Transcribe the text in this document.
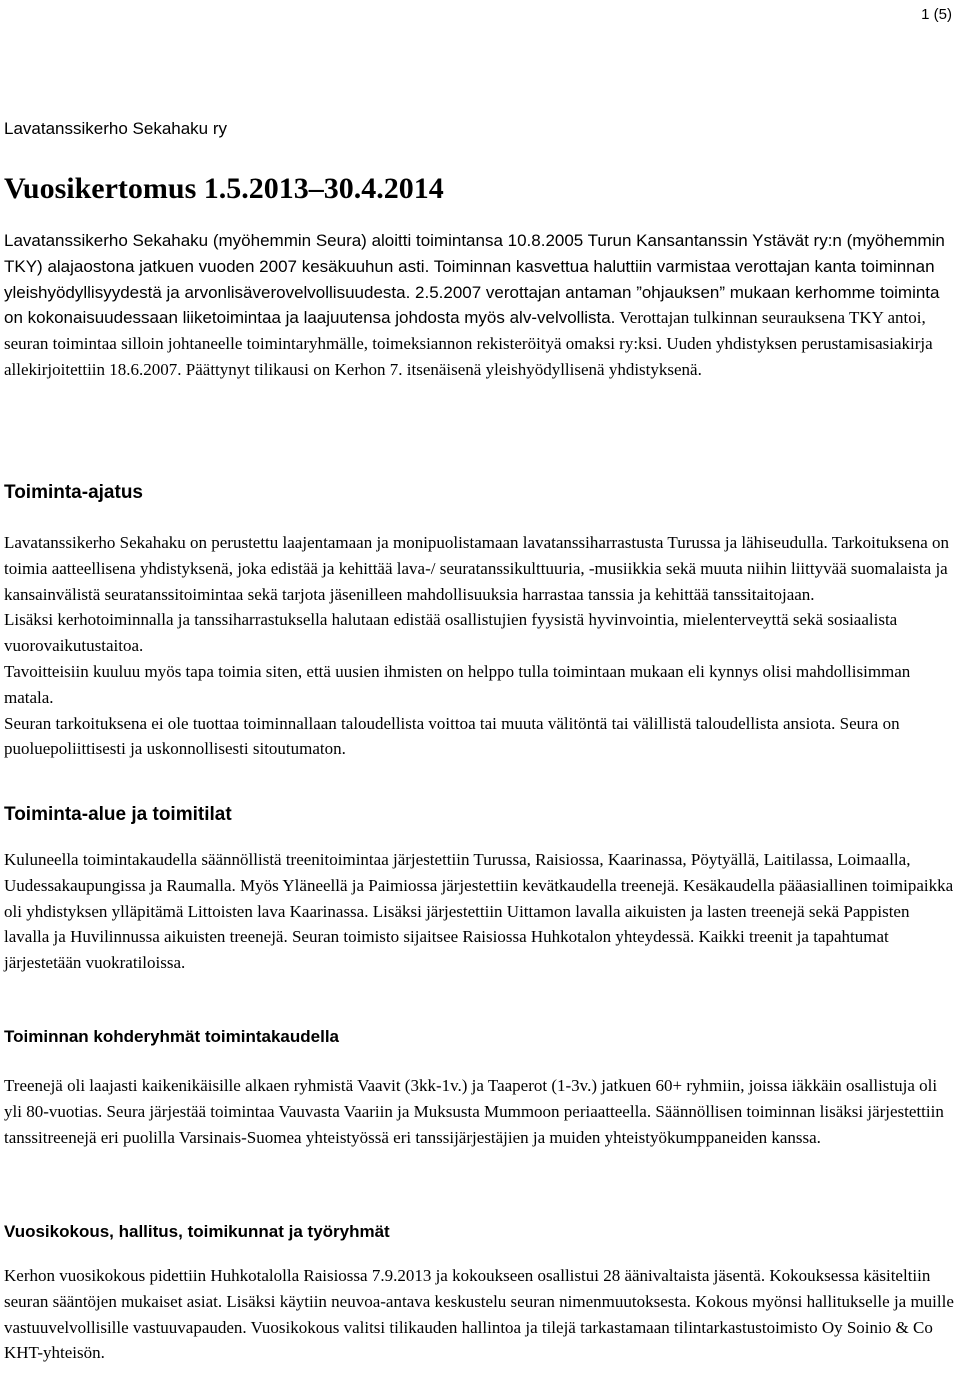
1 (5)
Lavatanssikerho Sekahaku ry
Vuosikertomus 1.5.2013–30.4.2014

Lavatanssikerho Sekahaku (myöhemmin Seura) aloitti toimintansa 10.8.2005 Turun Kansantanssin Ystävät ry:n (myöhemmin TKY) alajaostona jatkuen vuoden 2007 kesäkuuhun asti. Toiminnan kasvettua haluttiin varmistaa verottajan kanta toiminnan yleishyödyllisyydestä ja arvonlisäverovelvollisuudesta. 2.5.2007 verottajan antaman ”ohjauksen” mukaan kerhomme toiminta on kokonaisuudessaan liiketoimintaa ja laajuutensa johdosta myös alv-velvollista. Verottajan tulkinnan seurauksena TKY antoi, seuran toimintaa silloin johtaneelle toimintaryhmälle, toimeksiannon rekisteröityä omaksi ry:ksi. Uuden yhdistyksen perustamisasiakirja allekirjoitettiin 18.6.2007. Päättynyt tilikausi on Kerhon 7. itsenäisenä yleishyödyllisenä yhdistyksenä.

Toiminta-ajatus

Lavatanssikerho Sekahaku on perustettu laajentamaan ja monipuolistamaan lavatanssiharrastusta Turussa ja lähiseudulla. Tarkoituksena on toimia aatteellisena yhdistyksenä, joka edistää ja kehittää lava-/ seuratanssikulttuuria, -musiikkia sekä muuta niihin liittyvää suomalaista ja kansainvälistä seuratanssitoimintaa sekä tarjota jäsenilleen mahdollisuuksia harrastaa tanssia ja kehittää tanssitaitojaan.

Lisäksi kerhotoiminnalla ja tanssiharrastuksella halutaan edistää osallistujien fyysistä hyvinvointia, mielenterveyttä sekä sosiaalista vuorovaikutustaitoa.

Tavoitteisiin kuuluu myös tapa toimia siten, että uusien ihmisten on helppo tulla toimintaan mukaan eli kynnys olisi mahdollisimman matala.

Seuran tarkoituksena ei ole tuottaa toiminnallaan taloudellista voittoa tai muuta välitöntä tai välillistä taloudellista ansiota. Seura on puoluepoliittisesti ja uskonnollisesti sitoutumaton.

Toiminta-alue ja toimitilat

Kuluneella toimintakaudella säännöllistä treenitoimintaa järjestettiin Turussa, Raisiossa, Kaarinassa, Pöytyällä, Laitilassa, Loimaalla, Uudessakaupungissa ja Raumalla. Myös Yläneellä ja Paimiossa järjestettiin kevätkaudella treenejä. Kesäkaudella pääasiallinen toimipaikka oli yhdistyksen ylläpitämä Littoisten lava Kaarinassa. Lisäksi järjestettiin Uittamon lavalla aikuisten ja lasten treenejä sekä Pappisten lavalla ja Huvilinnussa aikuisten treenejä. Seuran toimisto sijaitsee Raisiossa Huhkotalon yhteydessä. Kaikki treenit ja tapahtumat järjestetään vuokratiloissa.

Toiminnan kohderyhmät toimintakaudella

Treenejä oli laajasti kaikenikäisille alkaen ryhmistä Vaavit (3kk-1v.) ja Taaperot (1-3v.) jatkuen 60+ ryhmiin, joissa iäkkäin osallistuja oli yli 80-vuotias. Seura järjestää toimintaa Vauvasta Vaariin ja Muksusta Mummoon periaatteella. Säännöllisen toiminnan lisäksi järjestettiin tanssitreenejä eri puolilla Varsinais-Suomea yhteistyössä eri tanssijärjestäjien ja muiden yhteistyökumppaneiden kanssa.

Vuosikokous, hallitus, toimikunnat ja työryhmät

Kerhon vuosikokous pidettiin Huhkotalolla Raisiossa 7.9.2013 ja kokoukseen osallistui 28 äänivaltaista jäsentä. Kokouksessa käsiteltiin seuran sääntöjen mukaiset asiat. Lisäksi käytiin neuvoa-antava keskustelu seuran nimenmuutoksesta. Kokous myönsi hallitukselle ja muille vastuuvelvollisille vastuuvapauden. Vuosikokous valitsi tilikauden hallintoa ja tilejä tarkastamaan tilintarkastustoimisto Oy Soinio & Co KHT-yhteisön.
